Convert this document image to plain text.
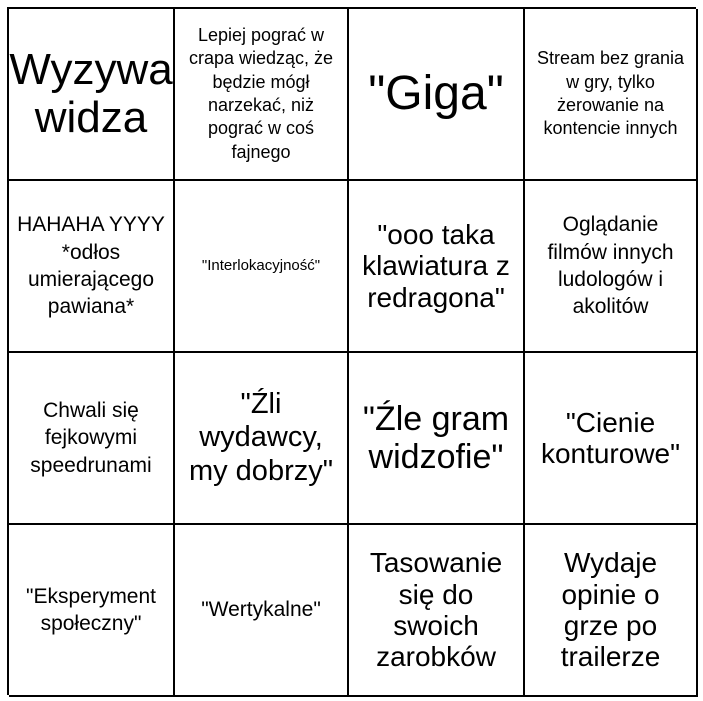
Wyzywa widza
Lepiej pograć w crapa wiedząc, że będzie mógł narzekać, niż pograć w coś fajnego
"Giga"
Stream bez grania w gry, tylko żerowanie na kontencie innych
HAHAHA YYYY *odłos umierającego pawiana*
"Interlokacyjność"
"ooo taka klawiatura z redragona"
Oglądanie filmów innych ludologów i akolitów
Chwali się fejkowymi speedrunami
"Źli wydawcy, my dobrzy"
"Źle gram widzofie"
"Cienie konturowe"
"Eksperyment społeczny"
"Wertykalne"
Tasowanie się do swoich zarobków
Wydaje opinie o grze po trailerze
